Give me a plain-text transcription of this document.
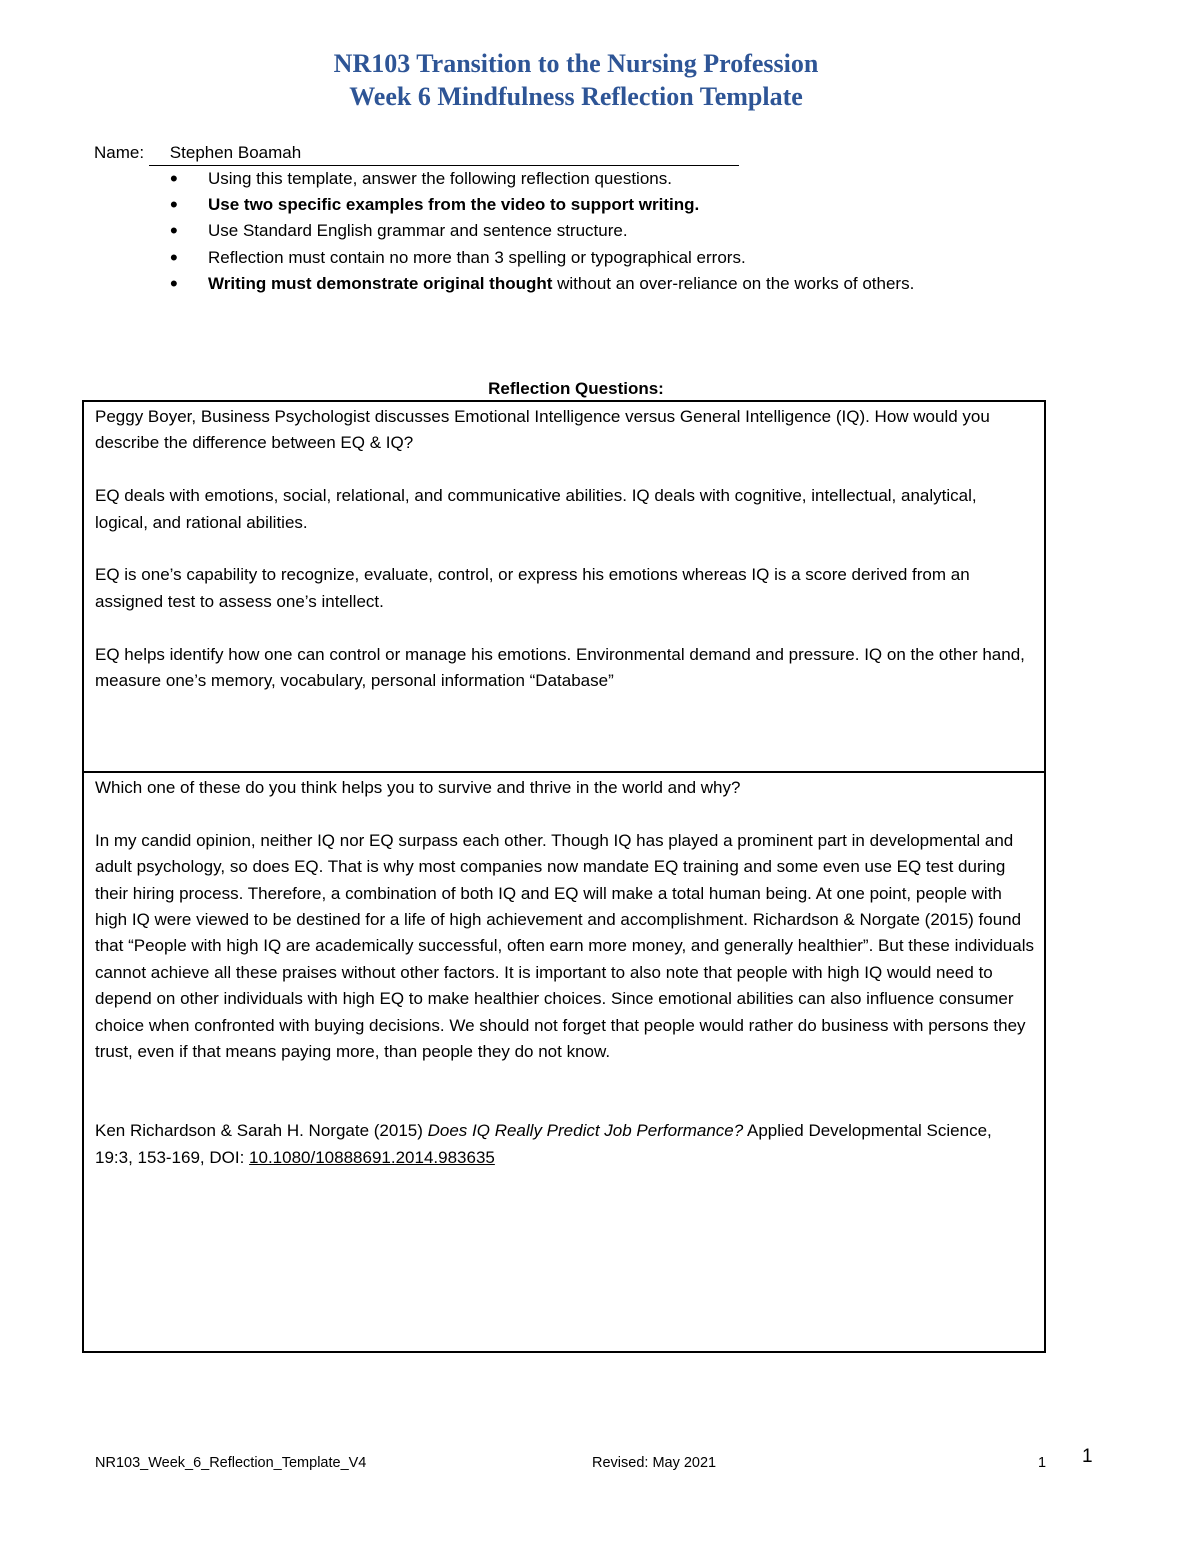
NR103 Transition to the Nursing Profession
Week 6 Mindfulness Reflection Template
Name: Stephen Boamah
• Using this template, answer the following reflection questions.
• Use two specific examples from the video to support writing.
• Use Standard English grammar and sentence structure.
• Reflection must contain no more than 3 spelling or typographical errors.
• Writing must demonstrate original thought without an over-reliance on the works of others.
Reflection Questions:

Peggy Boyer, Business Psychologist discusses Emotional Intelligence versus General Intelligence (IQ). How would you describe the difference between EQ & IQ?

EQ deals with emotions, social, relational, and communicative abilities. IQ deals with cognitive, intellectual, analytical, logical, and rational abilities.

EQ is one’s capability to recognize, evaluate, control, or express his emotions whereas IQ is a score derived from an assigned test to assess one’s intellect.

EQ helps identify how one can control or manage his emotions. Environmental demand and pressure. IQ on the other hand, measure one’s memory, vocabulary, personal information “Database”

Which one of these do you think helps you to survive and thrive in the world and why?

In my candid opinion, neither IQ nor EQ surpass each other. Though IQ has played a prominent part in developmental and adult psychology, so does EQ. That is why most companies now mandate EQ training and some even use EQ test during their hiring process. Therefore, a combination of both IQ and EQ will make a total human being. At one point, people with high IQ were viewed to be destined for a life of high achievement and accomplishment. Richardson & Norgate (2015) found that “People with high IQ are academically successful, often earn more money, and generally healthier”. But these individuals cannot achieve all these praises without other factors. It is important to also note that people with high IQ would need to depend on other individuals with high EQ to make healthier choices. Since emotional abilities can also influence consumer choice when confronted with buying decisions. We should not forget that people would rather do business with persons they trust, even if that means paying more, than people they do not know.

Ken Richardson & Sarah H. Norgate (2015) Does IQ Really Predict Job Performance? Applied Developmental Science, 19:3, 153-169, DOI: 10.1080/10888691.2014.983635

NR103_Week_6_Reflection_Template_V4	Revised: May 2021	1 1
